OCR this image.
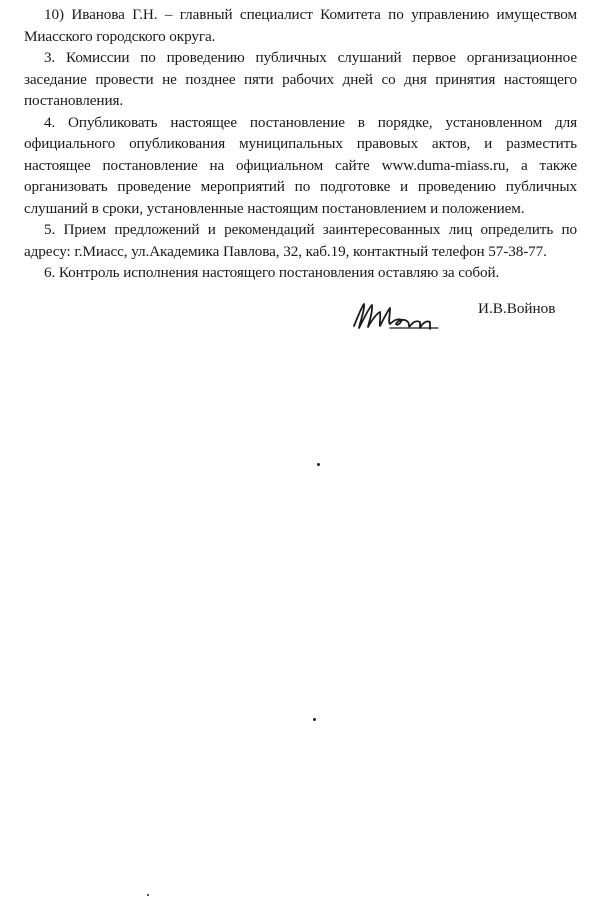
10) Иванова Г.Н. – главный специалист Комитета по управлению имуществом Миасского городского округа.

3. Комиссии по проведению публичных слушаний первое организационное заседание провести не позднее пяти рабочих дней со дня принятия настоящего постановления.

4. Опубликовать настоящее постановление в порядке, установленном для официального опубликования муниципальных правовых актов, и разместить настоящее постановление на официальном сайте www.duma-miass.ru, а также организовать проведение мероприятий по подготовке и проведению публичных слушаний в сроки, установленные настоящим постановлением и положением.

5. Прием предложений и рекомендаций заинтересованных лиц определить по адресу: г.Миасс, ул.Академика Павлова, 32, каб.19, контактный телефон 57-38-77.

6. Контроль исполнения настоящего постановления оставляю за собой.

И.В.Войнов
